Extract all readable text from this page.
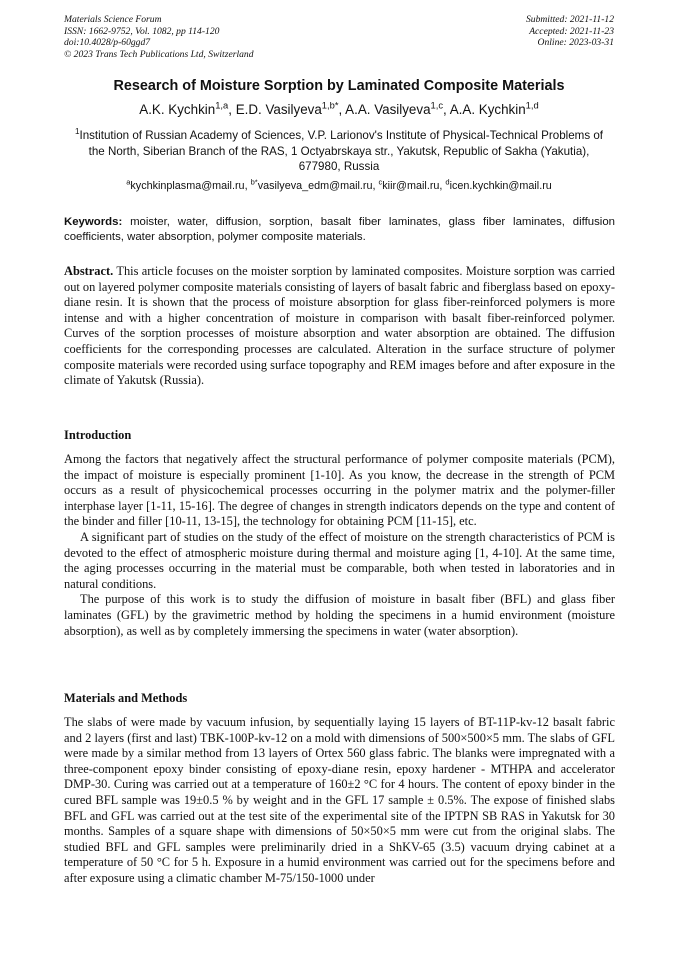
Materials Science Forum
ISSN: 1662-9752, Vol. 1082, pp 114-120
doi:10.4028/p-60ggd7
© 2023 Trans Tech Publications Ltd, Switzerland
Submitted: 2021-11-12
Accepted: 2021-11-23
Online: 2023-03-31
Research of Moisture Sorption by Laminated Composite Materials
A.K. Kychkin$^{1,a}$, E.D. Vasilyeva$^{1,b*}$, A.A. Vasilyeva$^{1,c}$, A.A. Kychkin$^{1,d}$
$^1$Institution of Russian Academy of Sciences, V.P. Larionov's Institute of Physical-Technical Problems of the North, Siberian Branch of the RAS, 1 Octyabrskaya str., Yakutsk, Republic of Sakha (Yakutia), 677980, Russia
$^a$kychkinplasma@mail.ru, $^{b*}$vasilyeva_edm@mail.ru, $^c$kiir@mail.ru, $^d$icen.kychkin@mail.ru
Keywords: moister, water, diffusion, sorption, basalt fiber laminates, glass fiber laminates, diffusion coefficients, water absorption, polymer composite materials.
Abstract. This article focuses on the moister sorption by laminated composites. Moisture sorption was carried out on layered polymer composite materials consisting of layers of basalt fabric and fiberglass based on epoxy-diane resin. It is shown that the process of moisture absorption for glass fiber-reinforced polymers is more intense and with a higher concentration of moisture in comparison with basalt fiber-reinforced polymer. Curves of the sorption processes of moisture absorption and water absorption are obtained. The diffusion coefficients for the corresponding processes are calculated. Alteration in the surface structure of polymer composite materials were recorded using surface topography and REM images before and after exposure in the climate of Yakutsk (Russia).
Introduction
Among the factors that negatively affect the structural performance of polymer composite materials (PCM), the impact of moisture is especially prominent [1-10]. As you know, the decrease in the strength of PCM occurs as a result of physicochemical processes occurring in the polymer matrix and the polymer-filler interphase layer [1-11, 15-16]. The degree of changes in strength indicators depends on the type and content of the binder and filler [10-11, 13-15], the technology for obtaining PCM [11-15], etc.
A significant part of studies on the study of the effect of moisture on the strength characteristics of PCM is devoted to the effect of atmospheric moisture during thermal and moisture aging [1, 4-10]. At the same time, the aging processes occurring in the material must be comparable, both when tested in laboratories and in natural conditions.
The purpose of this work is to study the diffusion of moisture in basalt fiber (BFL) and glass fiber laminates (GFL) by the gravimetric method by holding the specimens in a humid environment (moisture absorption), as well as by completely immersing the specimens in water (water absorption).
Materials and Methods
The slabs of were made by vacuum infusion, by sequentially laying 15 layers of BT-11P-kv-12 basalt fabric and 2 layers (first and last) TBK-100P-kv-12 on a mold with dimensions of 500×500×5 mm. The slabs of GFL were made by a similar method from 13 layers of Ortex 560 glass fabric. The blanks were impregnated with a three-component epoxy binder consisting of epoxy-diane resin, epoxy hardener - MTHPA and accelerator DMP-30. Curing was carried out at a temperature of 160±2 °C for 4 hours. The content of epoxy binder in the cured BFL sample was 19±0.5 % by weight and in the GFL 17 sample ± 0.5%. The expose of finished slabs BFL and GFL was carried out at the test site of the experimental site of the IPTPN SB RAS in Yakutsk for 30 months. Samples of a square shape with dimensions of 50×50×5 mm were cut from the original slabs. The studied BFL and GFL samples were preliminarily dried in a ShKV-65 (3.5) vacuum drying cabinet at a temperature of 50 °C for 5 h. Exposure in a humid environment was carried out for the specimens before and after exposure using a climatic chamber M-75/150-1000 under
